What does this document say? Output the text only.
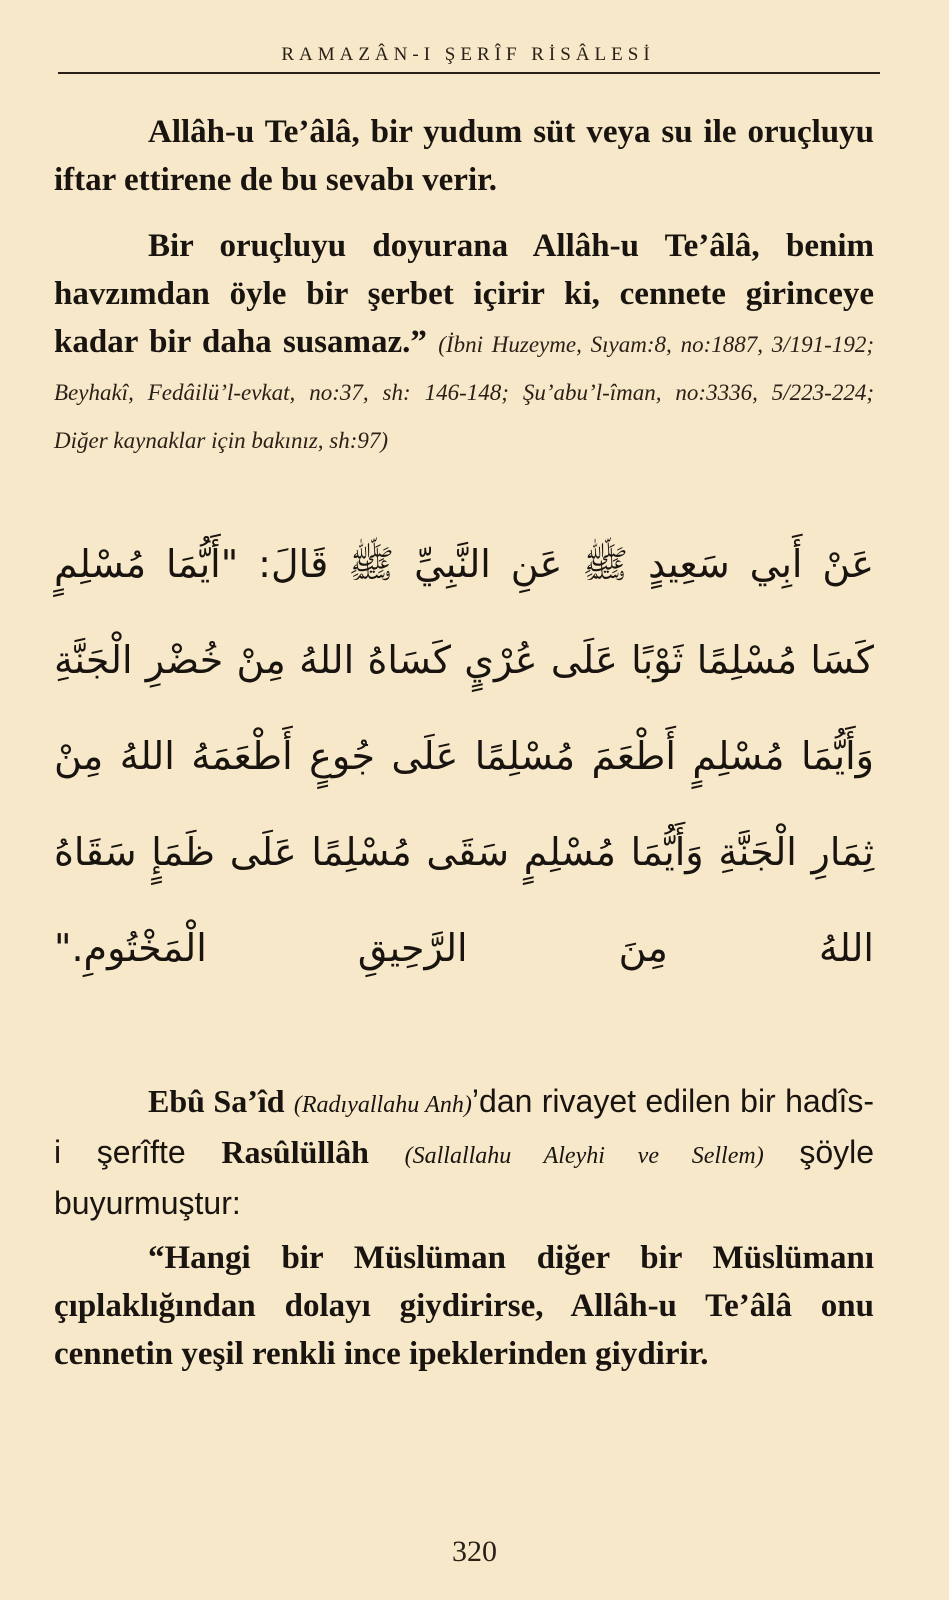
RAMAZÂN-I ŞERÎF RİSÂLESİ
Allâh-u Te’âlâ, bir yudum süt veya su ile oruçluyu iftar ettirene de bu sevabı verir.
Bir oruçluyu doyurana Allâh-u Te’âlâ, benim havzımdan öyle bir şerbet içirir ki, cennete girinceye kadar bir daha susamaz.” (İbni Huzeyme, Sıyam:8, no:1887, 3/191-192; Beyhakî, Fedâilü’l-evkat, no:37, sh: 146-148; Şu’abu’l-îman, no:3336, 5/223-224; Diğer kaynaklar için bakınız, sh:97)
عَنْ أَبِي سَعِيدٍ ﷺ عَنِ النَّبِيِّ ﷺ قَالَ: "أَيُّمَا مُسْلِمٍ كَسَا مُسْلِمًا ثَوْبًا عَلَى عُرْيٍ كَسَاهُ اللهُ مِنْ خُضْرِ الْجَنَّةِ وَأَيُّمَا مُسْلِمٍ أَطْعَمَ مُسْلِمًا عَلَى جُوعٍ أَطْعَمَهُ اللهُ مِنْ ثِمَارِ الْجَنَّةِ وَأَيُّمَا مُسْلِمٍ سَقَى مُسْلِمًا عَلَى ظَمَإٍ سَقَاهُ اللهُ مِنَ الرَّحِيقِ الْمَخْتُومِ."
Ebû Sa’îd (Radıyallahu Anh)’dan rivayet edilen bir hadîs-i şerîfte Rasûlüllâh (Sallallahu Aleyhi ve Sellem) şöyle buyurmuştur:
“Hangi bir Müslüman diğer bir Müslümanı çıplaklığından dolayı giydirirse, Allâh-u Te’âlâ onu cennetin yeşil renkli ince ipeklerinden giydirir.
320
